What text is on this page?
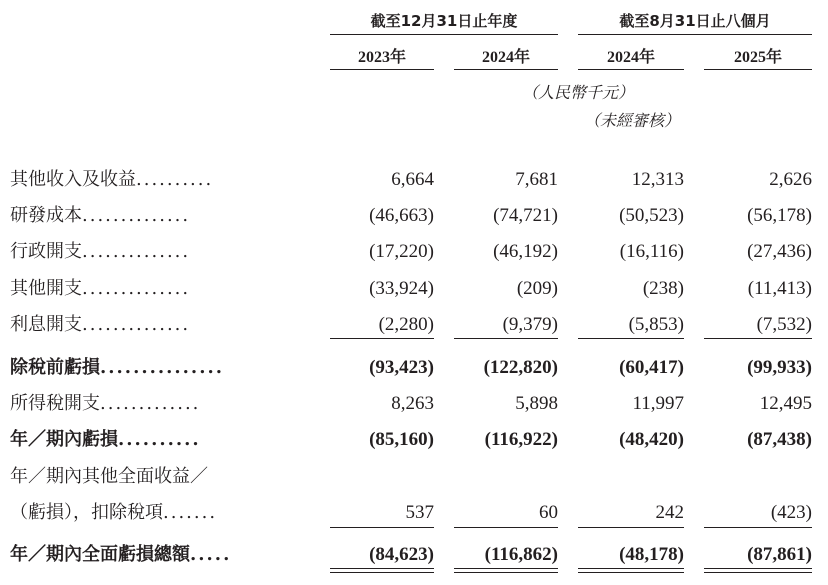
截至12月31日止年度	截至8月31日止八個月
2023年	2024年	2024年	2025年
（人民幣千元）
（未經審核）
其他收入及收益..........	6,664	7,681	12,313	2,626
研發成本..............	(46,663)	(74,721)	(50,523)	(56,178)
行政開支..............	(17,220)	(46,192)	(16,116)	(27,436)
其他開支..............	(33,924)	(209)	(238)	(11,413)
利息開支..............	(2,280)	(9,379)	(5,853)	(7,532)
除稅前虧損...............	(93,423)	(122,820)	(60,417)	(99,933)
所得稅開支.............	8,263	5,898	11,997	12,495
年／期內虧損..........	(85,160)	(116,922)	(48,420)	(87,438)
年／期內其他全面收益／
（虧損），扣除稅項.......	537	60	242	(423)
年／期內全面虧損總額.....	(84,623)	(116,862)	(48,178)	(87,861)
